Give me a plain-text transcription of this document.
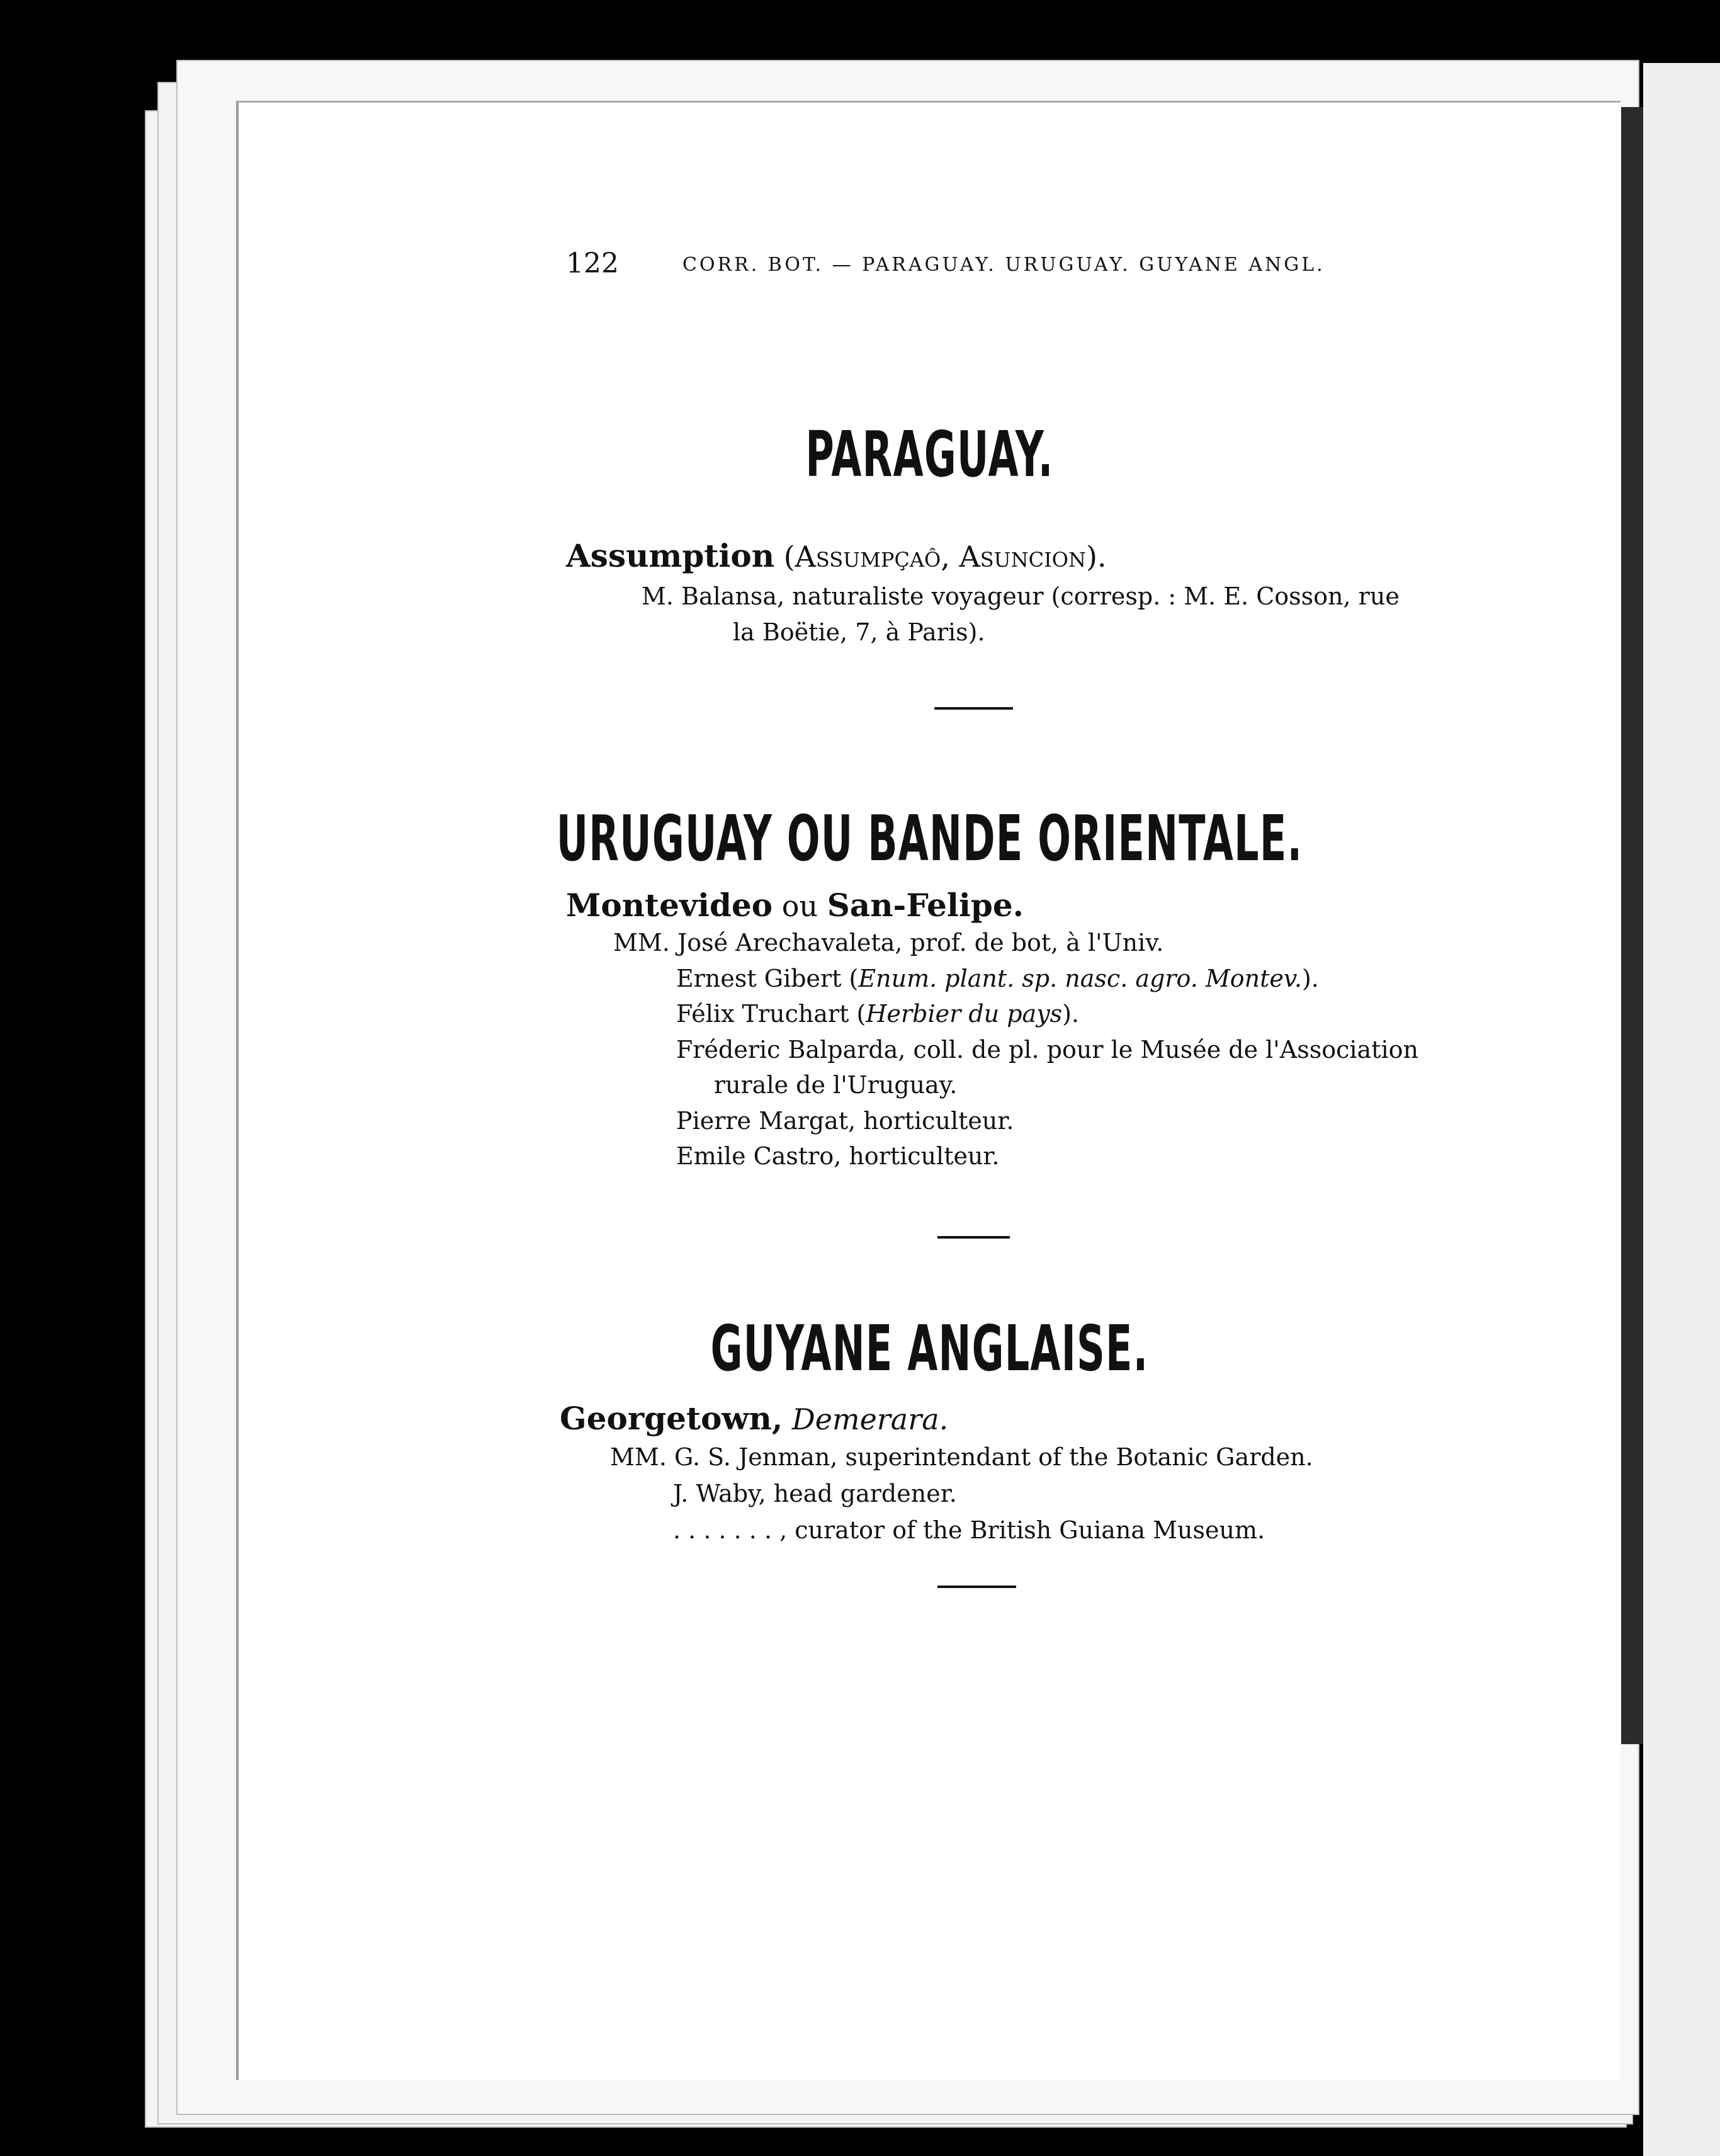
122	CORR. BOT. — PARAGUAY. URUGUAY. GUYANE ANGL.
PARAGUAY.
Assumption (Assumpçaô, Asuncion).
M. Balansa, naturaliste voyageur (corresp. : M. E. Cosson, rue
la Boëtie, 7, à Paris).
URUGUAY OU BANDE ORIENTALE.
Montevideo ou San-Felipe.
MM. José Arechavaleta, prof. de bot, à l'Univ.
Ernest Gibert (Enum. plant. sp. nasc. agro. Montev.).
Félix Truchart (Herbier du pays).
Fréderic Balparda, coll. de pl. pour le Musée de l'Association
rurale de l'Uruguay.
Pierre Margat, horticulteur.
Emile Castro, horticulteur.
GUYANE ANGLAISE.
Georgetown, Demerara.
MM. G. S. Jenman, superintendant of the Botanic Garden.
J. Waby, head gardener.
. . . . . . . , curator of the British Guiana Museum.
